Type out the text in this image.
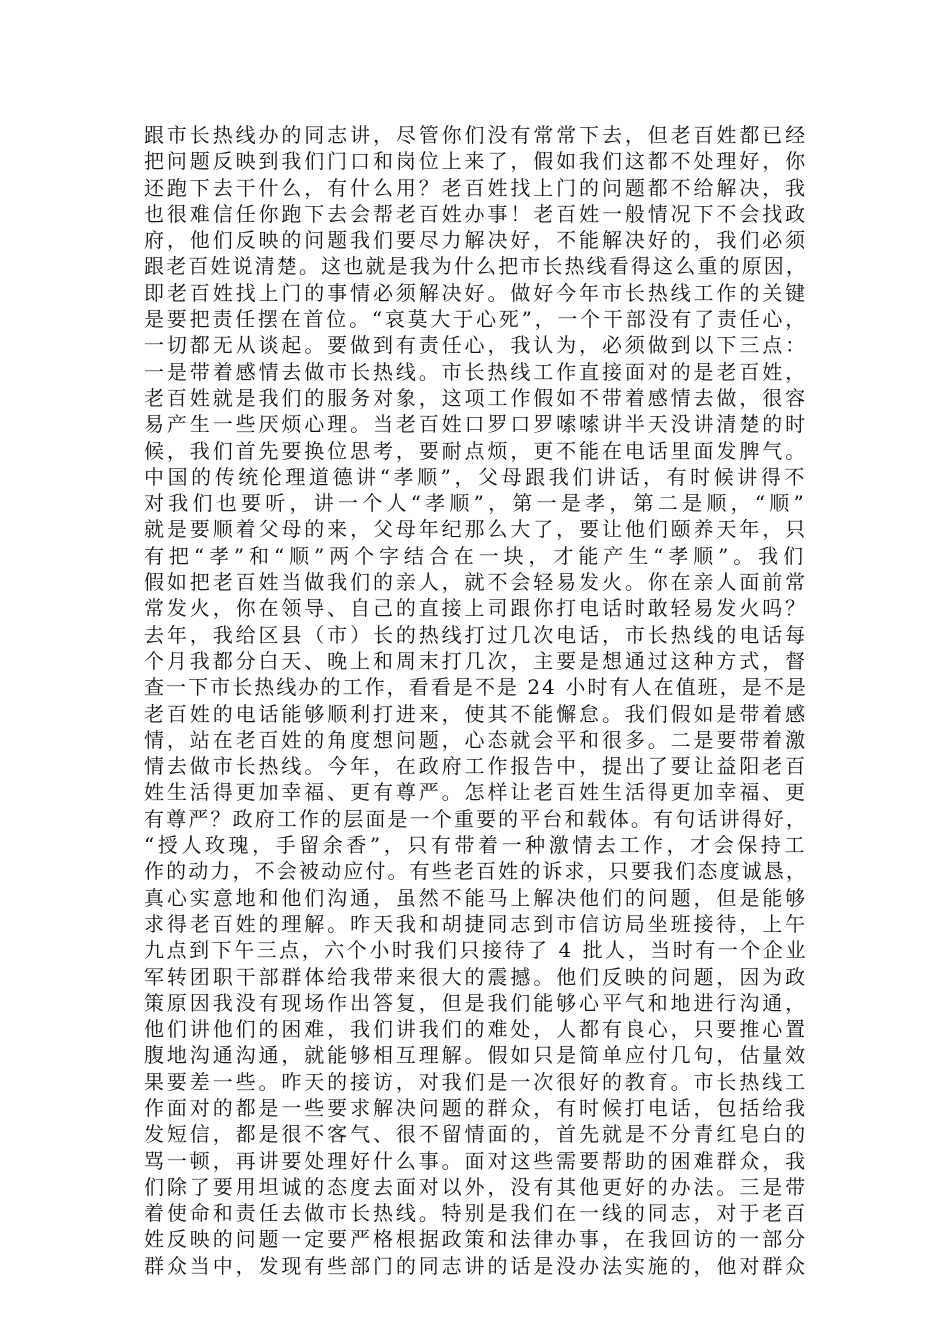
跟市长热线办的同志讲，尽管你们没有常常下去，但老百姓都已经
把问题反映到我们门口和岗位上来了，假如我们这都不处理好，你
还跑下去干什么，有什么用？老百姓找上门的问题都不给解决，我
也很难信任你跑下去会帮老百姓办事！老百姓一般情况下不会找政
府，他们反映的问题我们要尽力解决好，不能解决好的，我们必须
跟老百姓说清楚。这也就是我为什么把市长热线看得这么重的原因，
即老百姓找上门的事情必须解决好。做好今年市长热线工作的关键
是要把责任摆在首位。“哀莫大于心死”，一个干部没有了责任心，
一切都无从谈起。要做到有责任心，我认为，必须做到以下三点：
一是带着感情去做市长热线。市长热线工作直接面对的是老百姓，
老百姓就是我们的服务对象，这项工作假如不带着感情去做，很容
易产生一些厌烦心理。当老百姓口罗口罗嗦嗦讲半天没讲清楚的时
候，我们首先要换位思考，要耐点烦，更不能在电话里面发脾气。
中国的传统伦理道德讲“孝顺”，父母跟我们讲话，有时候讲得不
对我们也要听，讲一个人“孝顺”，第一是孝，第二是顺，“顺”
就是要顺着父母的来，父母年纪那么大了，要让他们颐养天年，只
有把“孝”和“顺”两个字结合在一块，才能产生“孝顺”。我们
假如把老百姓当做我们的亲人，就不会轻易发火。你在亲人面前常
常发火，你在领导、自己的直接上司跟你打电话时敢轻易发火吗？
去年，我给区县（市）长的热线打过几次电话，市长热线的电话每
个月我都分白天、晚上和周末打几次，主要是想通过这种方式，督
查一下市长热线办的工作，看看是不是 24 小时有人在值班，是不是
老百姓的电话能够顺利打进来，使其不能懈怠。我们假如是带着感
情，站在老百姓的角度想问题，心态就会平和很多。二是要带着激
情去做市长热线。今年，在政府工作报告中，提出了要让益阳老百
姓生活得更加幸福、更有尊严。怎样让老百姓生活得更加幸福、更
有尊严？政府工作的层面是一个重要的平台和载体。有句话讲得好，
“授人玫瑰，手留余香”，只有带着一种激情去工作，才会保持工
作的动力，不会被动应付。有些老百姓的诉求，只要我们态度诚恳，
真心实意地和他们沟通，虽然不能马上解决他们的问题，但是能够
求得老百姓的理解。昨天我和胡捷同志到市信访局坐班接待，上午
九点到下午三点，六个小时我们只接待了 4 批人，当时有一个企业
军转团职干部群体给我带来很大的震撼。他们反映的问题，因为政
策原因我没有现场作出答复，但是我们能够心平气和地进行沟通，
他们讲他们的困难，我们讲我们的难处，人都有良心，只要推心置
腹地沟通沟通，就能够相互理解。假如只是简单应付几句，估量效
果要差一些。昨天的接访，对我们是一次很好的教育。市长热线工
作面对的都是一些要求解决问题的群众，有时候打电话，包括给我
发短信，都是很不客气、很不留情面的，首先就是不分青红皂白的
骂一顿，再讲要处理好什么事。面对这些需要帮助的困难群众，我
们除了要用坦诚的态度去面对以外，没有其他更好的办法。三是带
着使命和责任去做市长热线。特别是我们在一线的同志，对于老百
姓反映的问题一定要严格根据政策和法律办事，在我回访的一部分
群众当中，发现有些部门的同志讲的话是没办法实施的，他对群众
